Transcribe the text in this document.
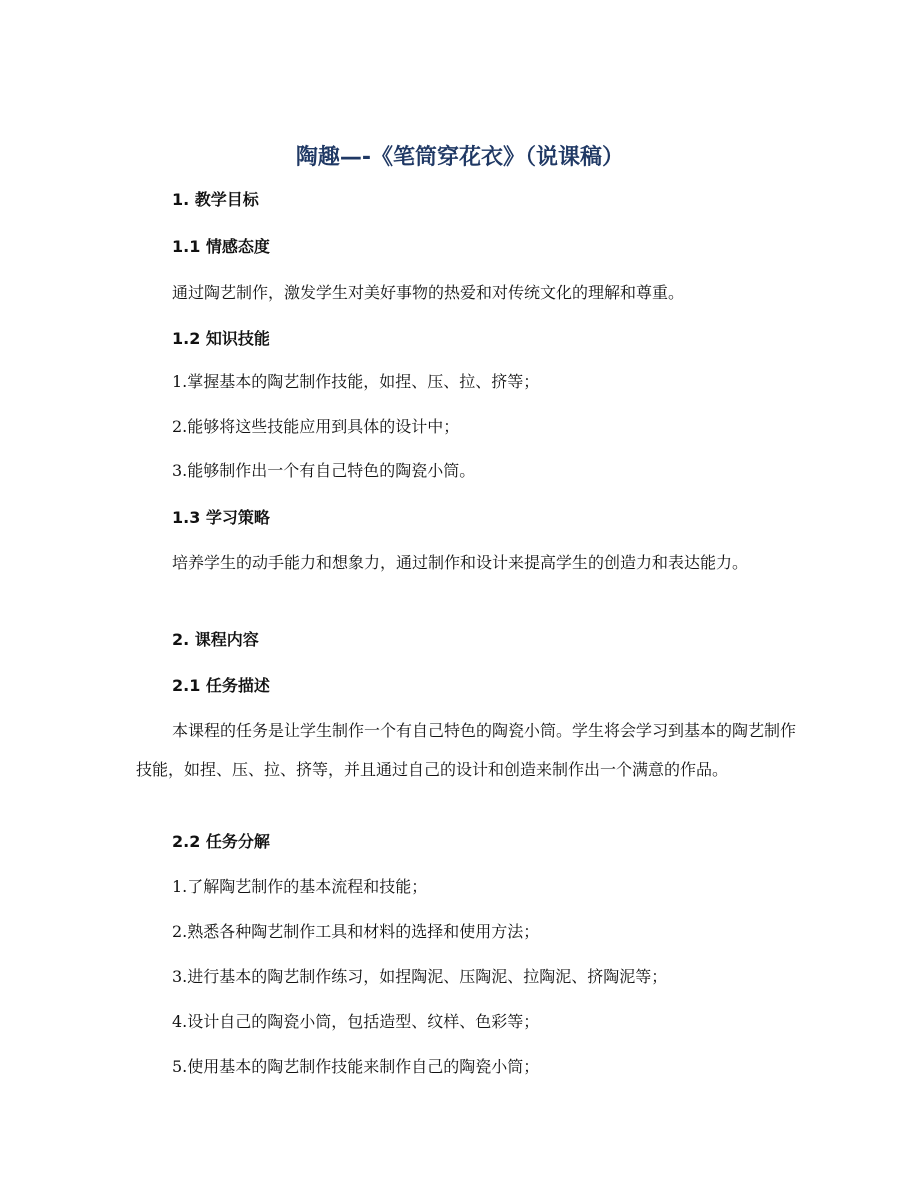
陶趣—-《笔筒穿花衣》（说课稿）
1. 教学目标
1.1 情感态度
通过陶艺制作，激发学生对美好事物的热爱和对传统文化的理解和尊重。
1.2 知识技能
1.掌握基本的陶艺制作技能，如捏、压、拉、挤等；
2.能够将这些技能应用到具体的设计中；
3.能够制作出一个有自己特色的陶瓷小筒。
1.3 学习策略
培养学生的动手能力和想象力，通过制作和设计来提高学生的创造力和表达能力。
2. 课程内容
2.1 任务描述
本课程的任务是让学生制作一个有自己特色的陶瓷小筒。学生将会学习到基本的陶艺制作技能，如捏、压、拉、挤等，并且通过自己的设计和创造来制作出一个满意的作品。
2.2 任务分解
1.了解陶艺制作的基本流程和技能；
2.熟悉各种陶艺制作工具和材料的选择和使用方法；
3.进行基本的陶艺制作练习，如捏陶泥、压陶泥、拉陶泥、挤陶泥等；
4.设计自己的陶瓷小筒，包括造型、纹样、色彩等；
5.使用基本的陶艺制作技能来制作自己的陶瓷小筒；
